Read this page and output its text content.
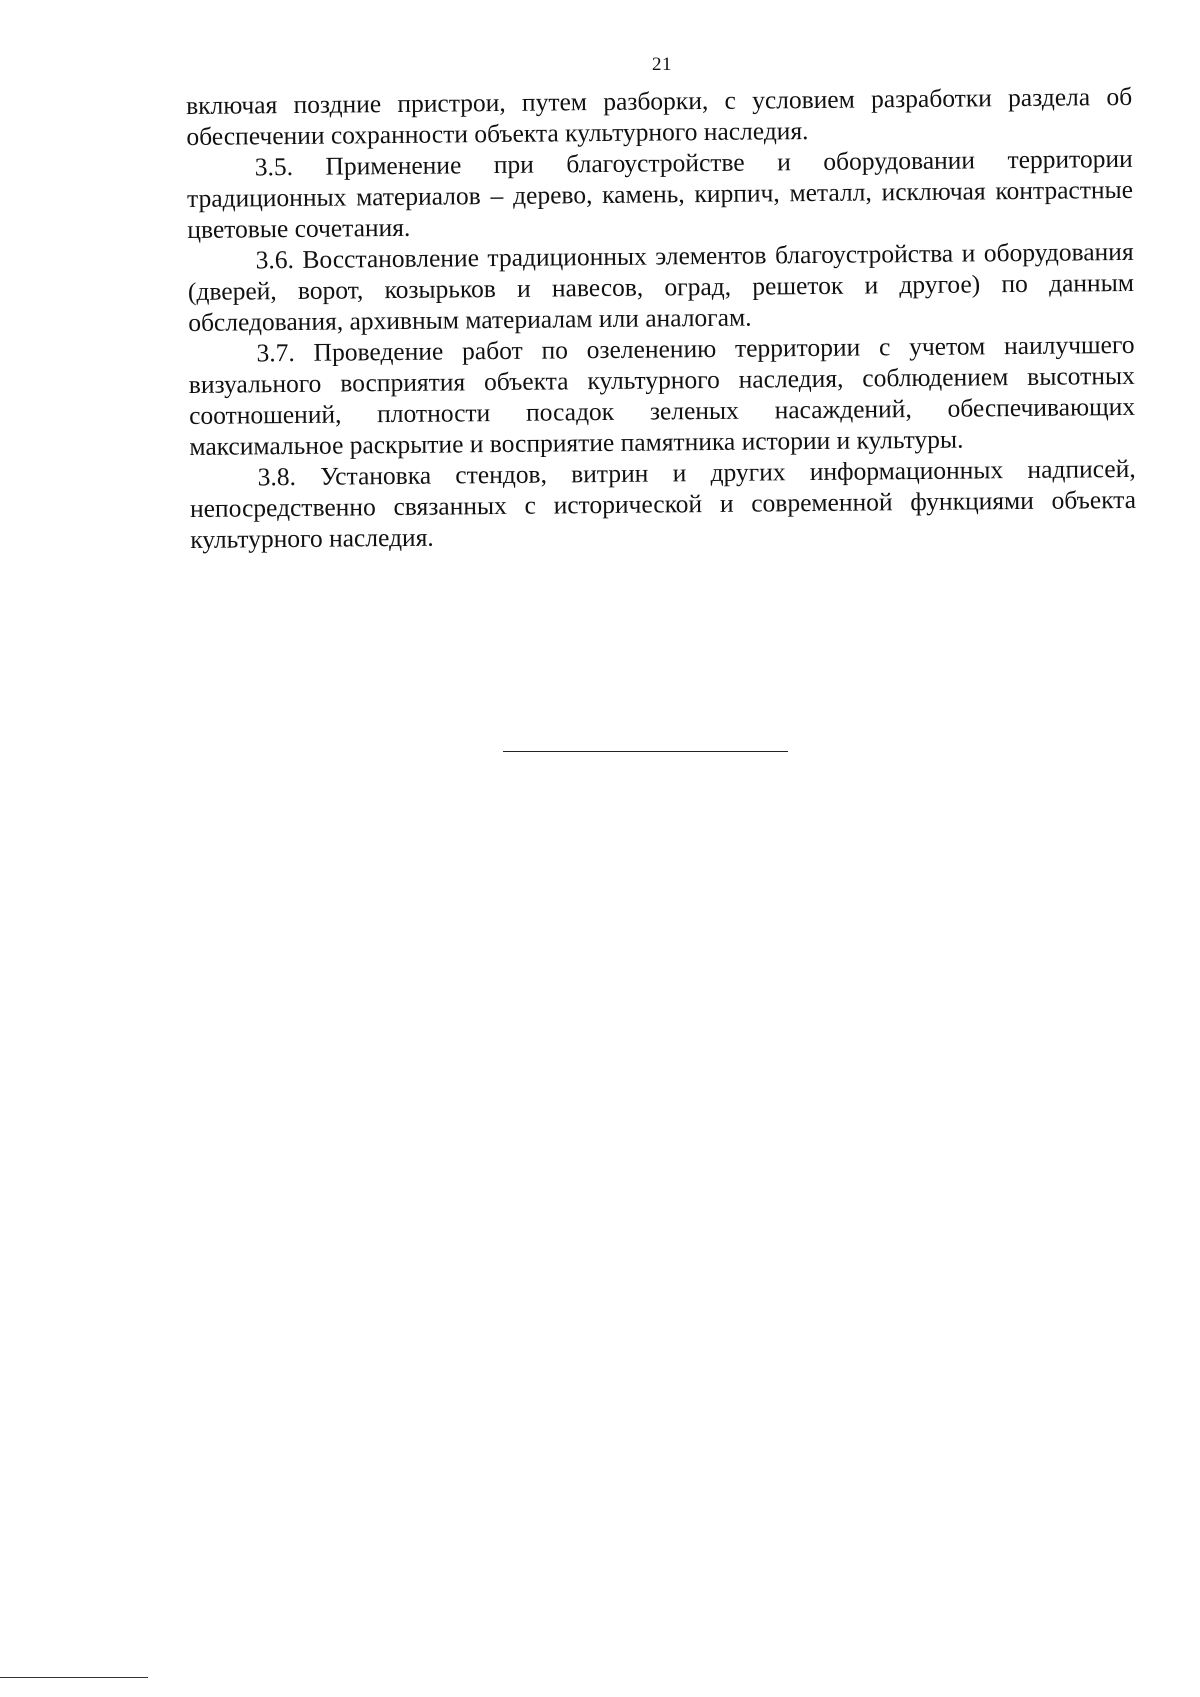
21

включая поздние пристрои, путем разборки, с условием разработки раздела об обеспечении сохранности объекта культурного наследия.

3.5. Применение при благоустройстве и оборудовании территории традиционных материалов – дерево, камень, кирпич, металл, исключая контрастные цветовые сочетания.

3.6. Восстановление традиционных элементов благоустройства и оборудования (дверей, ворот, козырьков и навесов, оград, решеток и другое) по данным обследования, архивным материалам или аналогам.

3.7. Проведение работ по озеленению территории с учетом наилучшего визуального восприятия объекта культурного наследия, соблюдением высотных соотношений, плотности посадок зеленых насаждений, обеспечивающих максимальное раскрытие и восприятие памятника истории и культуры.

3.8. Установка стендов, витрин и других информационных надписей, непосредственно связанных с исторической и современной функциями объекта культурного наследия.
